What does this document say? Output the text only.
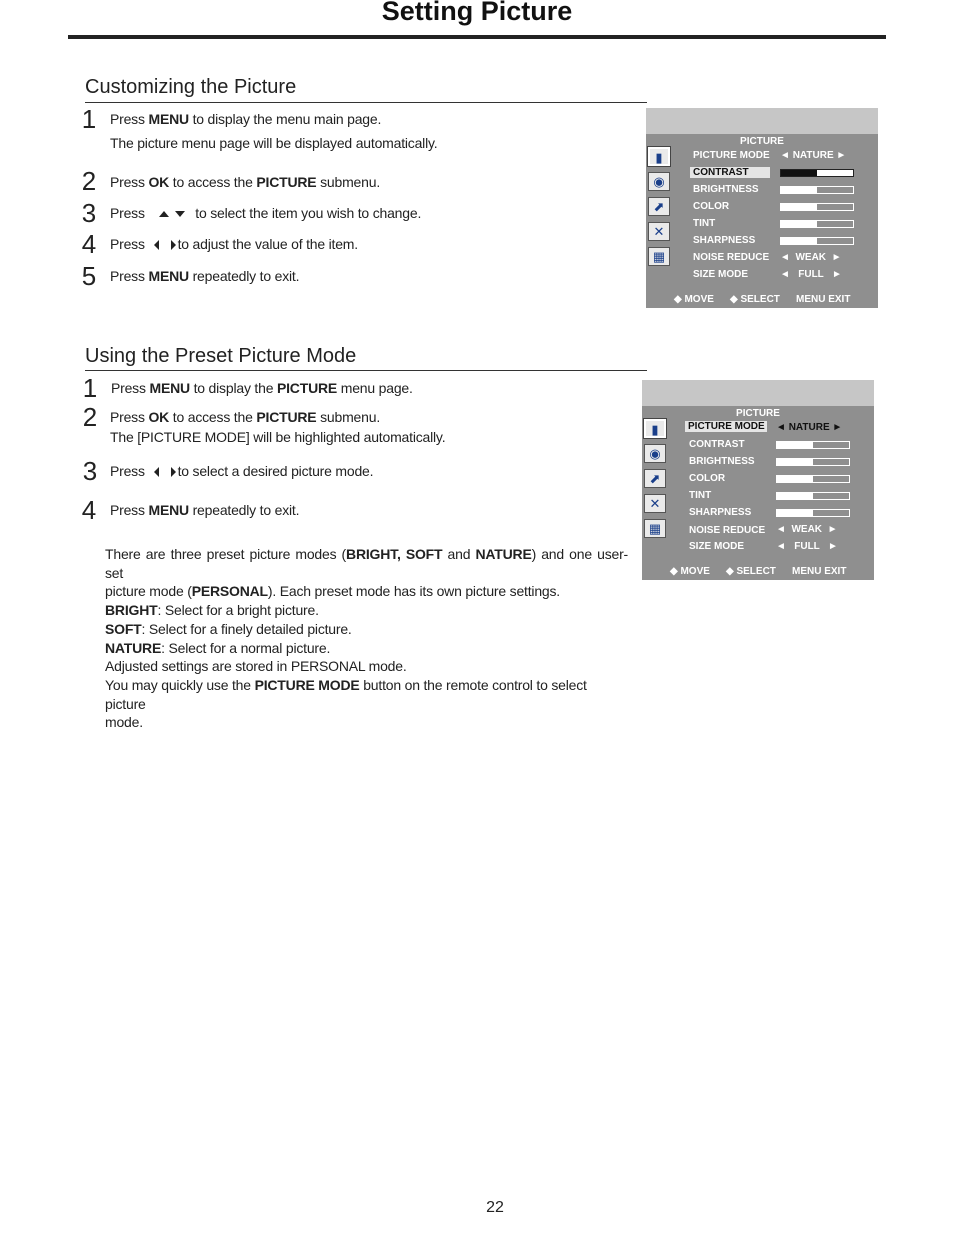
Setting Picture
Customizing the Picture
1 Press MENU to display the menu main page.
The picture menu page will be displayed automatically.
2 Press OK to access the PICTURE submenu.
3 Press	to select the item you wish to change.
4 Press    to adjust the value of the item.
5 Press MENU repeatedly to exit.
PICTURE
▮
◉
⬈
✕
▦
PICTURE MODE ◄ NATURE ►
CONTRAST
BRIGHTNESS
COLOR
TINT
SHARPNESS
NOISE REDUCE ◄  WEAK  ►
SIZE MODE	◄   FULL   ►
◆ MOVE ◆ SELECT MENU EXIT
Using the Preset Picture Mode
1 Press MENU to display the PICTURE menu page.
2 Press OK to access the PICTURE submenu.
The [PICTURE MODE] will be highlighted automatically.
3 Press    to select a desired picture mode.
4 Press MENU repeatedly to exit.
There are three preset picture modes (BRIGHT, SOFT and NATURE) and one user-set
picture mode (PERSONAL). Each preset mode has its own picture settings.
BRIGHT: Select for a bright picture.
SOFT: Select for a finely detailed picture.
NATURE: Select for a normal picture.
Adjusted settings are stored in PERSONAL mode.
You may quickly use the PICTURE MODE button on the remote control to select picture
mode.
PICTURE
▮
◉
⬈
✕
▦
PICTURE MODE ◄ NATURE ►
CONTRAST
BRIGHTNESS
COLOR
TINT
SHARPNESS
NOISE REDUCE ◄  WEAK  ►
SIZE MODE	◄   FULL   ►
◆ MOVE ◆ SELECT MENU EXIT
22
